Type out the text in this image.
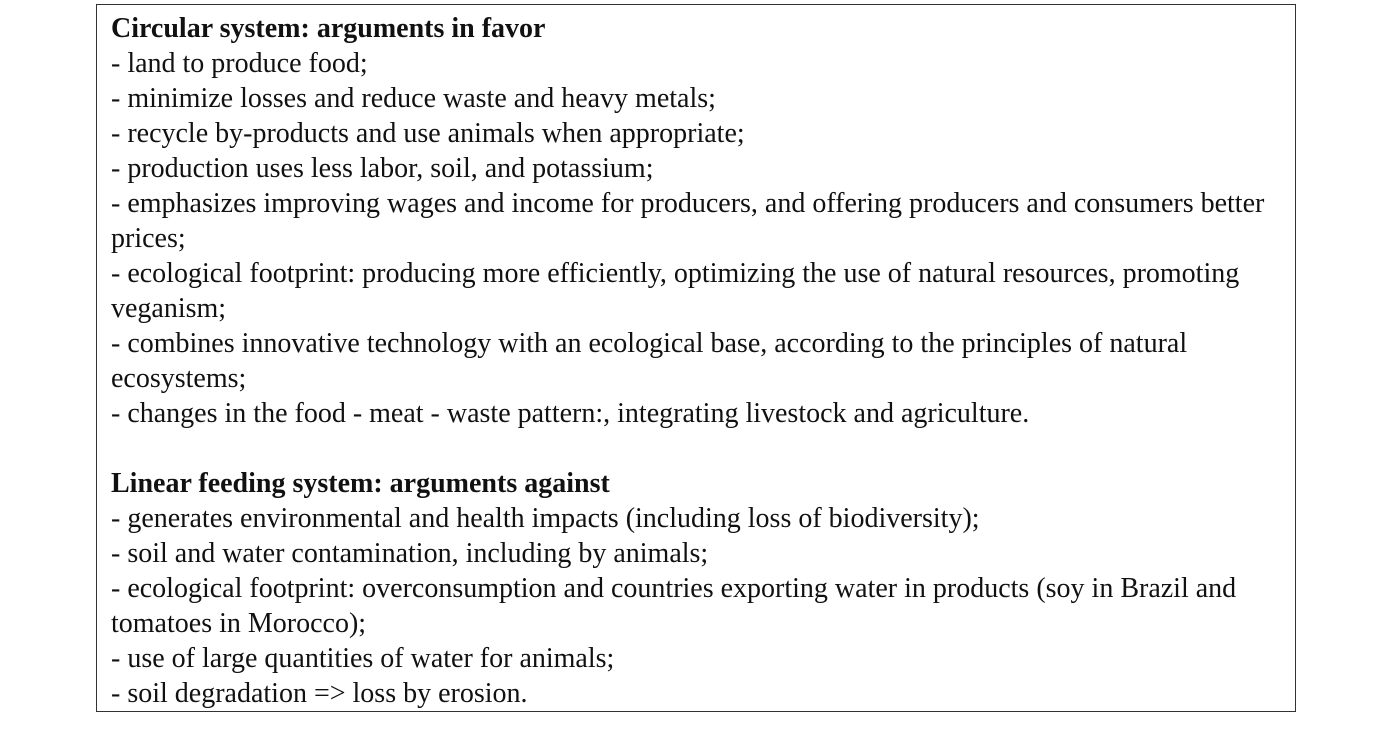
Circular system: arguments in favor

- land to produce food;

- minimize losses and reduce waste and heavy metals;

- recycle by-products and use animals when appropriate;

- production uses less labor, soil, and potassium;

- emphasizes improving wages and income for producers, and offering producers and consumers better prices;

- ecological footprint: producing more efficiently, optimizing the use of natural resources, promoting veganism;

- combines innovative technology with an ecological base, according to the principles of natural ecosystems;

- changes in the food - meat - waste pattern:, integrating livestock and agriculture.

Linear feeding system: arguments against

- generates environmental and health impacts (including loss of biodiversity);

- soil and water contamination, including by animals;

- ecological footprint: overconsumption and countries exporting water in products (soy in Brazil and tomatoes in Morocco);

- use of large quantities of water for animals;

- soil degradation => loss by erosion.
